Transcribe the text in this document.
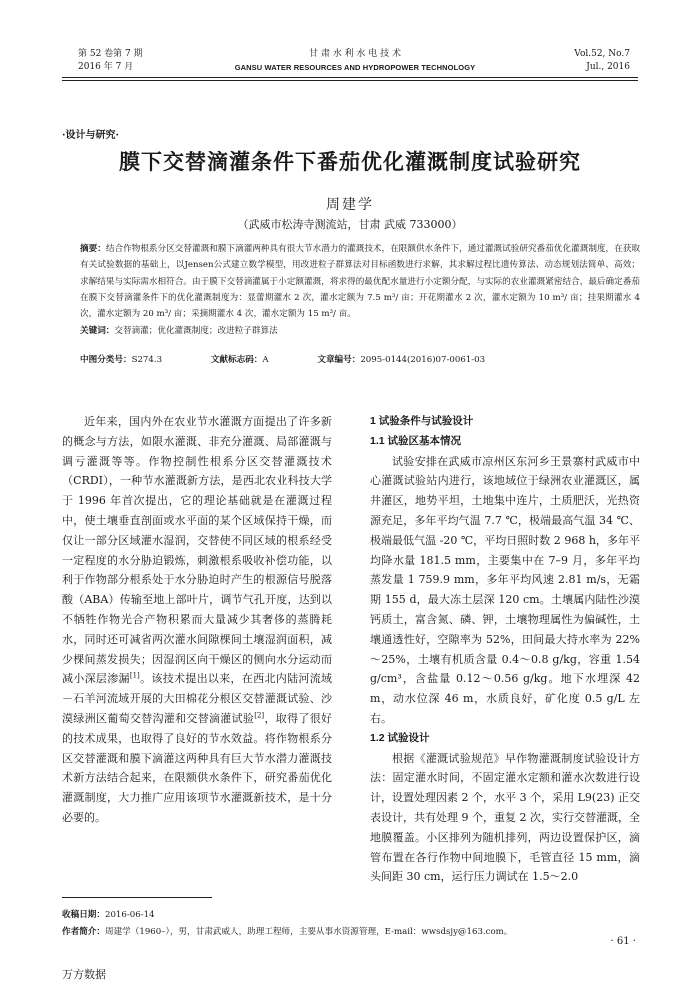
第 52 卷第 7 期
2016 年 7 月
甘 肃 水 利 水 电 技 术
GANSU WATER RESOURCES AND HYDROPOWER TECHNOLOGY
Vol.52, No.7
Jul., 2016
·设计与研究·
膜下交替滴灌条件下番茄优化灌溉制度试验研究
周建学
（武威市松涛寺测流站，甘肃 武威 733000）

摘要：结合作物根系分区交替灌溉和膜下滴灌两种具有很大节水潜力的灌溉技术，在限额供水条件下，通过灌溉试验研究番茄优化灌溉制度，在获取有关试验数据的基础上，以Jensen公式建立数学模型，用改进粒子群算法对目标函数进行求解，其求解过程比遗传算法、动态规划法简单、高效；求解结果与实际需水相符合。由于膜下交替滴灌属于小定额灌溉，将求得的最优配水量进行小定额分配，与实际的农业灌溉紧密结合，最后确定番茄在膜下交替滴灌条件下的优化灌溉制度为：显蕾期灌水 2 次，灌水定额为 7.5 m³/ 亩；开花期灌水 2 次，灌水定额为 10 m³/ 亩；挂果期灌水 4 次，灌水定额为 20 m³/ 亩；采摘期灌水 4 次，灌水定额为 15 m³/ 亩。

关键词：交替滴灌；优化灌溉制度；改进粒子群算法

中图分类号：S274.3	文献标志码：A	文章编号：2095-0144(2016)07-0061-03

近年来，国内外在农业节水灌溉方面提出了许多新的概念与方法，如限水灌溉、非充分灌溉、局部灌溉与调亏灌溉等等。作物控制性根系分区交替灌溉技术（CRDI），一种节水灌溉新方法，是西北农业科技大学于 1996 年首次提出，它的理论基础就是在灌溉过程中，使土壤垂直剖面或水平面的某个区域保持干燥，而仅让一部分区域灌水湿润，交替使不同区域的根系经受一定程度的水分胁迫锻炼，刺激根系吸收补偿功能，以利于作物部分根系处于水分胁迫时产生的根源信号脱落酸（ABA）传输至地上部叶片，调节气孔开度，达到以不牺牲作物光合产物积累而大量减少其奢侈的蒸腾耗水，同时还可减省两次灌水间隙棵间土壤湿润面积，减少棵间蒸发损失；因湿润区向干燥区的侧向水分运动而减小深层渗漏[1]。该技术提出以来，在西北内陆河流域－石羊河流域开展的大田棉花分根区交替灌溉试验、沙漠绿洲区葡萄交替沟灌和交替滴灌试验[2]，取得了很好的技术成果，也取得了良好的节水效益。将作物根系分区交替灌溉和膜下滴灌这两种具有巨大节水潜力灌溉技术新方法结合起来，在限额供水条件下，研究番茄优化灌溉制度，大力推广应用该项节水灌溉新技术，是十分必要的。

1 试验条件与试验设计

1.1 试验区基本情况

试验安排在武威市凉州区东河乡王景寨村武威市中心灌溉试验站内进行，该地域位于绿洲农业灌溉区，属井灌区，地势平坦，土地集中连片，土质肥沃，光热资源充足，多年平均气温 7.7 ℃，极端最高气温 34 ℃、极端最低气温 -20 ℃，平均日照时数 2 968 h，多年平均降水量 181.5 mm，主要集中在 7–9 月，多年平均蒸发量 1 759.9 mm，多年平均风速 2.81 m/s，无霜期 155 d，最大冻土层深 120 cm。土壤属内陆性沙漠钙质土，富含氮、磷、钾，土壤物理属性为偏碱性，土壤通透性好，空隙率为 52%，田间最大持水率为 22%～25%，土壤有机质含量 0.4～0.8 g/kg，容重 1.54 g/cm³，含盐量 0.12～0.56 g/kg。地下水埋深 42 m，动水位深 46 m，水质良好，矿化度 0.5 g/L 左右。

1.2 试验设计

根据《灌溉试验规范》早作物灌溉制度试验设计方法：固定灌水时间，不固定灌水定额和灌水次数进行设计，设置处理因素 2 个，水平 3 个，采用 L9(23) 正交表设计，共有处理 9 个，重复 2 次，实行交替灌溉，全地膜覆盖。小区排列为随机排列，两边设置保护区，滴管布置在各行作物中间地膜下，毛管直径 15 mm，滴头间距 30 cm，运行压力调试在 1.5～2.0

收稿日期：2016-06-14
作者简介：周建学（1960–），男，甘肃武威人，助理工程师，主要从事水资源管理，E-mail：wwsdsjy@163.com。
· 61 ·
万方数据
